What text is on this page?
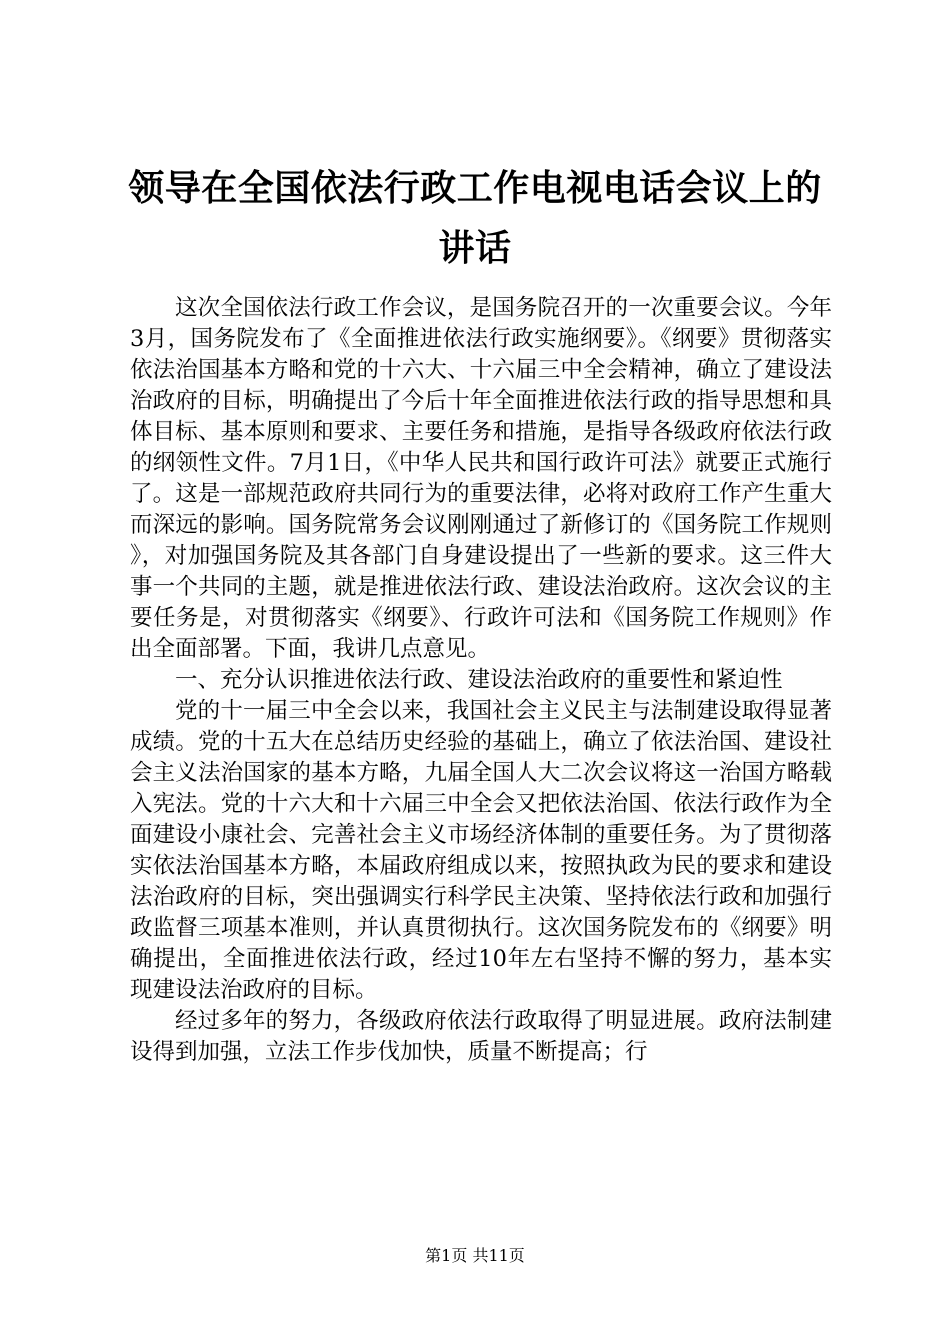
领导在全国依法行政工作电视电话会议上的讲话

这次全国依法行政工作会议，是国务院召开的一次重要会议。今年3月，国务院发布了《全面推进依法行政实施纲要》。《纲要》贯彻落实依法治国基本方略和党的十六大、十六届三中全会精神，确立了建设法治政府的目标，明确提出了今后十年全面推进依法行政的指导思想和具体目标、基本原则和要求、主要任务和措施，是指导各级政府依法行政的纲领性文件。7月1日，《中华人民共和国行政许可法》就要正式施行了。这是一部规范政府共同行为的重要法律，必将对政府工作产生重大而深远的影响。国务院常务会议刚刚通过了新修订的《国务院工作规则》，对加强国务院及其各部门自身建设提出了一些新的要求。这三件大事一个共同的主题，就是推进依法行政、建设法治政府。这次会议的主要任务是，对贯彻落实《纲要》、行政许可法和《国务院工作规则》作出全面部署。下面，我讲几点意见。

一、充分认识推进依法行政、建设法治政府的重要性和紧迫性

党的十一届三中全会以来，我国社会主义民主与法制建设取得显著成绩。党的十五大在总结历史经验的基础上，确立了依法治国、建设社会主义法治国家的基本方略，九届全国人大二次会议将这一治国方略载入宪法。党的十六大和十六届三中全会又把依法治国、依法行政作为全面建设小康社会、完善社会主义市场经济体制的重要任务。为了贯彻落实依法治国基本方略，本届政府组成以来，按照执政为民的要求和建设法治政府的目标，突出强调实行科学民主决策、坚持依法行政和加强行政监督三项基本准则，并认真贯彻执行。这次国务院发布的《纲要》明确提出，全面推进依法行政，经过10年左右坚持不懈的努力，基本实现建设法治政府的目标。

经过多年的努力，各级政府依法行政取得了明显进展。政府法制建设得到加强，立法工作步伐加快，质量不断提高；行

第1页 共11页
